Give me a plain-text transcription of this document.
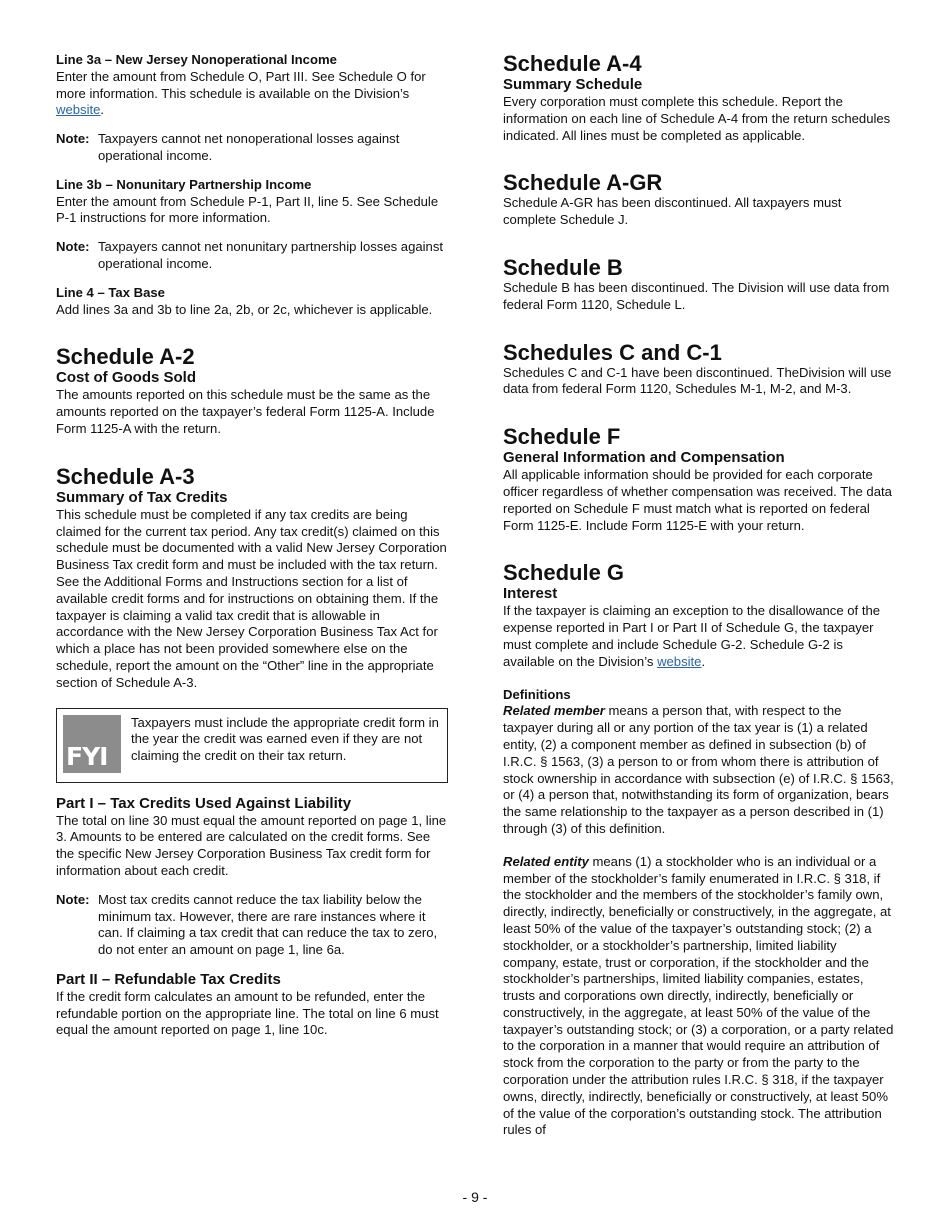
Line 3a – New Jersey Nonoperational Income

Enter the amount from Schedule O, Part III. See Schedule O for more information. This schedule is available on the Division’s website.

Note: Taxpayers cannot net nonoperational losses against operational income.

Line 3b – Nonunitary Partnership Income

Enter the amount from Schedule P-1, Part II, line 5. See Schedule P-1 instructions for more information.

Note: Taxpayers cannot net nonunitary partnership losses against operational income.

Line 4 – Tax Base

Add lines 3a and 3b to line 2a, 2b, or 2c, whichever is applicable.

Schedule A-2

Cost of Goods Sold

The amounts reported on this schedule must be the same as the amounts reported on the taxpayer’s federal Form 1125-A. Include Form 1125-A with the return.

Schedule A-3

Summary of Tax Credits

This schedule must be completed if any tax credits are being claimed for the current tax period. Any tax credit(s) claimed on this schedule must be documented with a valid New Jersey Corporation Business Tax credit form and must be included with the tax return. See the Additional Forms and Instructions section for a list of available credit forms and for instructions on obtaining them. If the taxpayer is claiming a valid tax credit that is allowable in accordance with the New Jersey Corporation Business Tax Act for which a place has not been provided somewhere else on the schedule, report the amount on the “Other” line in the appropriate section of Schedule A-3.

FYI
Taxpayers must include the appropriate credit form in the year the credit was earned even if they are not claiming the credit on their tax return.

Part I – Tax Credits Used Against Liability

The total on line 30 must equal the amount reported on page 1, line 3. Amounts to be entered are calculated on the credit forms. See the specific New Jersey Corporation Business Tax credit form for information about each credit.

Note: Most tax credits cannot reduce the tax liability below the minimum tax. However, there are rare instances where it can. If claiming a tax credit that can reduce the tax to zero, do not enter an amount on page 1, line 6a.

Part II – Refundable Tax Credits

If the credit form calculates an amount to be refunded, enter the refundable portion on the appropriate line. The total on line 6 must equal the amount reported on page 1, line 10c.

Schedule A-4

Summary Schedule

Every corporation must complete this schedule. Report the information on each line of Schedule A-4 from the return schedules indicated. All lines must be completed as applicable.

Schedule A-GR

Schedule A-GR has been discontinued. All taxpayers must complete Schedule J.

Schedule B

Schedule B has been discontinued. The Division will use data from federal Form 1120, Schedule L.

Schedules C and C-1

Schedules C and C-1 have been discontinued. TheDivision will use data from federal Form 1120, Schedules M-1, M-2, and M-3.

Schedule F

General Information and Compensation

All applicable information should be provided for each corporate officer regardless of whether compensation was received. The data reported on Schedule F must match what is reported on federal Form 1125-E. Include Form 1125-E with your return.

Schedule G

Interest

If the taxpayer is claiming an exception to the disallowance of the expense reported in Part I or Part II of Schedule G, the taxpayer must complete and include Schedule G-2. Schedule G-2 is available on the Division’s website.

Definitions

Related member means a person that, with respect to the taxpayer during all or any portion of the tax year is (1) a related entity, (2) a component member as defined in subsection (b) of I.R.C. § 1563, (3) a person to or from whom there is attribution of stock ownership in accordance with subsection (e) of I.R.C. § 1563, or (4) a person that, notwithstanding its form of organization, bears the same relationship to the taxpayer as a person described in (1) through (3) of this definition.

Related entity means (1) a stockholder who is an individual or a member of the stockholder’s family enumerated in I.R.C. § 318, if the stockholder and the members of the stockholder’s family own, directly, indirectly, beneficially or constructively, in the aggregate, at least 50% of the value of the taxpayer’s outstanding stock; (2) a stockholder, or a stockholder’s partnership, limited liability company, estate, trust or corporation, if the stockholder and the stockholder’s partnerships, limited liability companies, estates, trusts and corporations own directly, indirectly, beneficially or constructively, in the aggregate, at least 50% of the value of the taxpayer’s outstanding stock; or (3) a corporation, or a party related to the corporation in a manner that would require an attribution of stock from the corporation to the party or from the party to the corporation under the attribution rules I.R.C. § 318, if the taxpayer owns, directly, indirectly, beneficially or constructively, at least 50% of the value of the corporation’s outstanding stock. The attribution rules of

- 9 -
